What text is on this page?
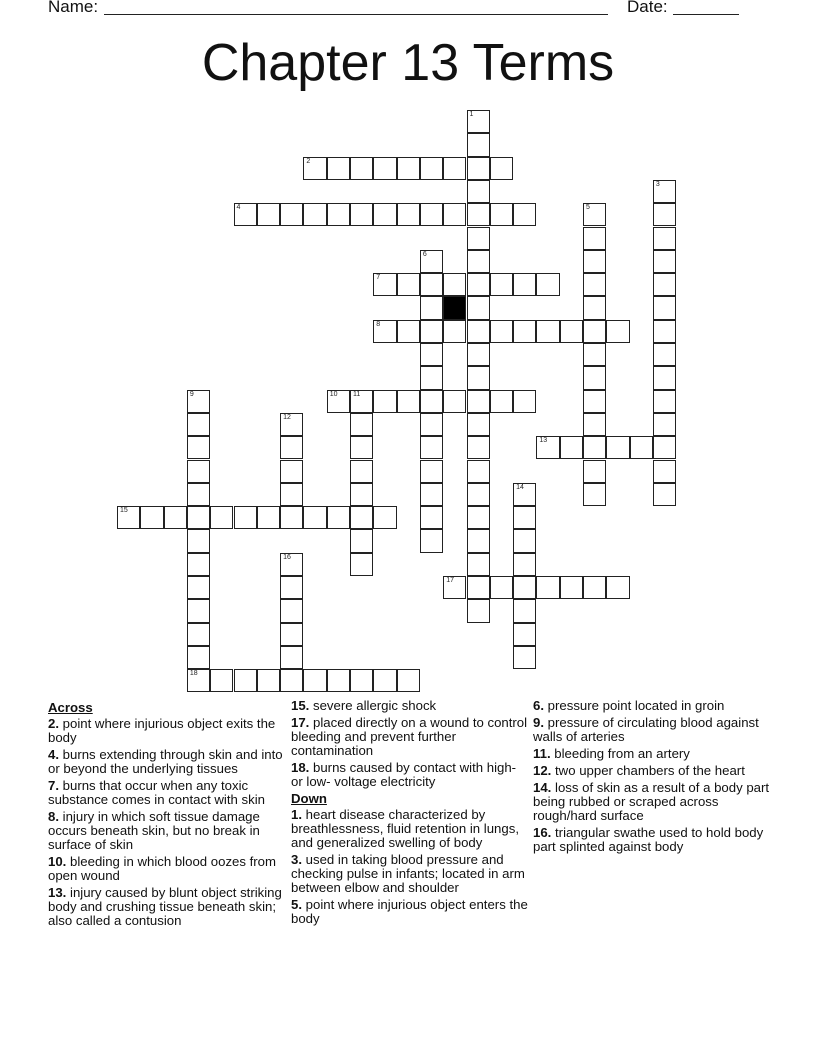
Name:	Date:
Chapter 13 Terms
1
2
3
4	5
6
7
8
9	10 11
12
13
14
15
16
17
18
Across
2. point where injurious object exits the body
4. burns extending through skin and into or beyond the underlying tissues
7. burns that occur when any toxic substance comes in contact with skin
8. injury in which soft tissue damage occurs beneath skin, but no break in surface of skin
10. bleeding in which blood oozes from open wound
13. injury caused by blunt object striking body and crushing tissue beneath skin; also called a contusion
15. severe allergic shock
17. placed directly on a wound to control bleeding and prevent further contamination
18. burns caused by contact with high- or low- voltage electricity
Down
1. heart disease characterized by breathlessness, fluid retention in lungs, and generalized swelling of body
3. used in taking blood pressure and checking pulse in infants; located in arm between elbow and shoulder
5. point where injurious object enters the body
6. pressure point located in groin
9. pressure of circulating blood against walls of arteries
11. bleeding from an artery
12. two upper chambers of the heart
14. loss of skin as a result of a body part being rubbed or scraped across rough/hard surface
16. triangular swathe used to hold body part splinted against body
